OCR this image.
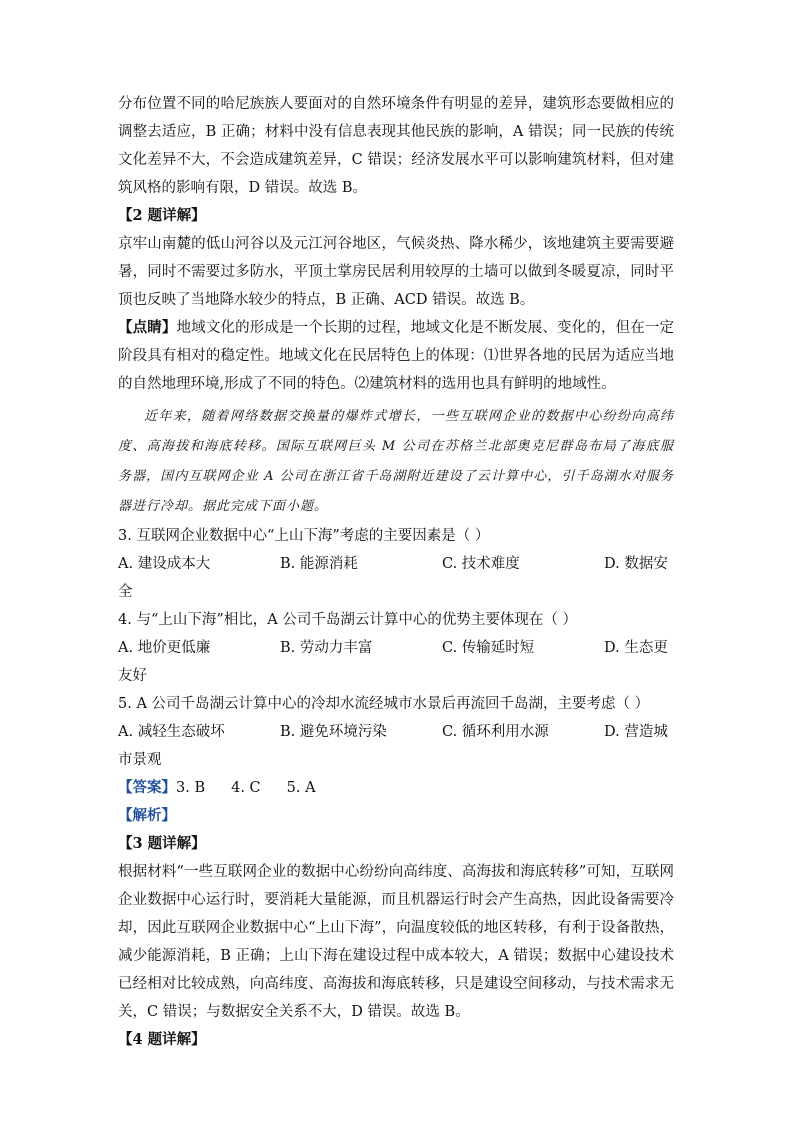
分布位置不同的哈尼族族人要面对的自然环境条件有明显的差异，建筑形态要做相应的调整去适应，B 正确；材料中没有信息表现其他民族的影响，A 错误；同一民族的传统文化差异不大，不会造成建筑差异，C 错误；经济发展水平可以影响建筑材料，但对建筑风格的影响有限，D 错误。故选 B。

【2 题详解】

京牢山南麓的低山河谷以及元江河谷地区，气候炎热、降水稀少，该地建筑主要需要避暑，同时不需要过多防水，平顶土掌房民居利用较厚的土墙可以做到冬暖夏凉，同时平顶也反映了当地降水较少的特点，B 正确、ACD 错误。故选 B。

【点睛】地域文化的形成是一个长期的过程，地域文化是不断发展、变化的，但在一定阶段具有相对的稳定性。地域文化在民居特色上的体现：⑴世界各地的民居为适应当地的自然地理环境,形成了不同的特色。⑵建筑材料的选用也具有鲜明的地域性。

近年来，随着网络数据交换量的爆炸式增长，一些互联网企业的数据中心纷纷向高纬度、高海拔和海底转移。国际互联网巨头 M 公司在苏格兰北部奥克尼群岛布局了海底服务器，国内互联网企业 A 公司在浙江省千岛湖附近建设了云计算中心，引千岛湖水对服务器进行冷却。据此完成下面小题。

3. 互联网企业数据中心“上山下海”考虑的主要因素是（ ）

A. 建设成本大	B. 能源消耗	C. 技术难度	D. 数据安

全

4. 与“上山下海”相比，A 公司千岛湖云计算中心的优势主要体现在（ ）

A. 地价更低廉	B. 劳动力丰富	C. 传输延时短	D. 生态更

友好

5. A 公司千岛湖云计算中心的冷却水流经城市水景后再流回千岛湖，主要考虑（ ）

A. 减轻生态破坏	B. 避免环境污染	C. 循环利用水源	D. 营造城

市景观

【答案】3. B 4. C 5. A

【解析】

【3 题详解】

根据材料“一些互联网企业的数据中心纷纷向高纬度、高海拔和海底转移”可知，互联网企业数据中心运行时，要消耗大量能源，而且机器运行时会产生高热，因此设备需要冷却，因此互联网企业数据中心“上山下海”，向温度较低的地区转移，有利于设备散热，减少能源消耗，B 正确；上山下海在建设过程中成本较大，A 错误；数据中心建设技术已经相对比较成熟，向高纬度、高海拔和海底转移，只是建设空间移动，与技术需求无关，C 错误；与数据安全关系不大，D 错误。故选 B。

【4 题详解】
